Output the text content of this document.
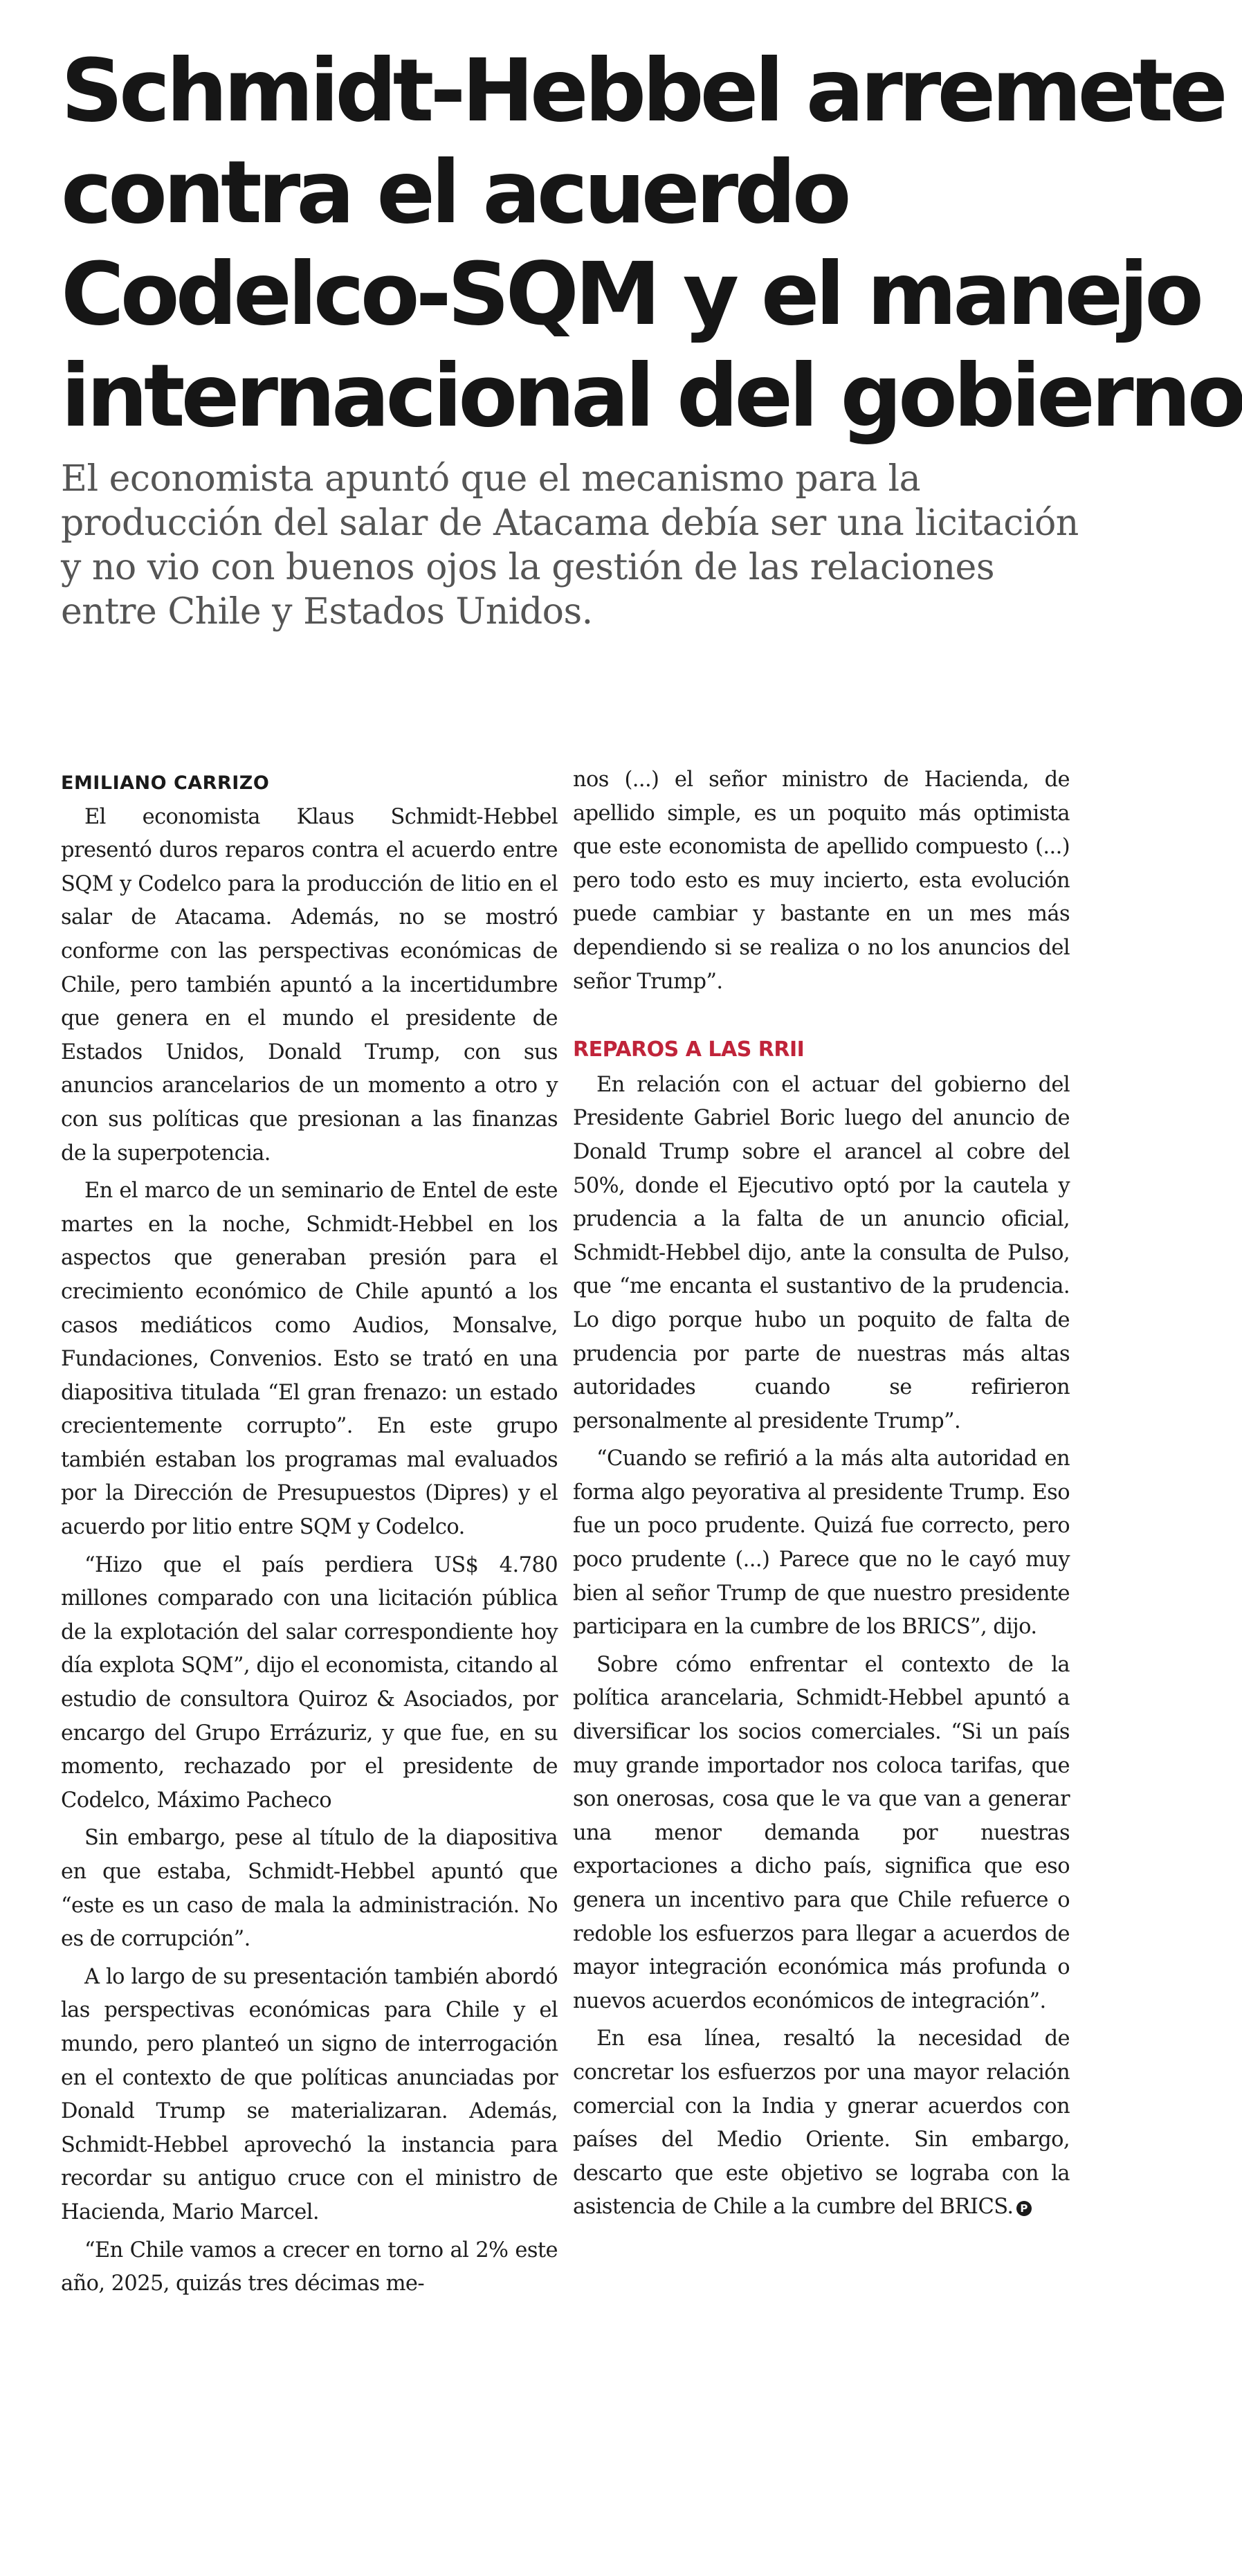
Schmidt-Hebbel arremete
contra el acuerdo
Codelco-SQM y el manejo
internacional del gobierno

El economista apuntó que el mecanismo para la
producción del salar de Atacama debía ser una licitación
y no vio con buenos ojos la gestión de las relaciones
entre Chile y Estados Unidos.

EMILIANO CARRIZO

El economista Klaus Schmidt-Hebbel presentó duros reparos contra el acuerdo entre SQM y Codelco para la producción de litio en el salar de Atacama. Además, no se mostró conforme con las perspectivas económicas de Chile, pero también apuntó a la incertidumbre que genera en el mundo el presidente de Estados Unidos, Donald Trump, con sus anuncios arancelarios de un momento a otro y con sus políticas que presionan a las finanzas de la superpotencia.

En el marco de un seminario de Entel de este martes en la noche, Schmidt-Hebbel en los aspectos que generaban presión para el crecimiento económico de Chile apuntó a los casos mediáticos como Audios, Monsalve, Fundaciones, Convenios. Esto se trató en una diapositiva titulada “El gran frenazo: un estado crecientemente corrupto”. En este grupo también estaban los programas mal evaluados por la Dirección de Presupuestos (Dipres) y el acuerdo por litio entre SQM y Codelco.

“Hizo que el país perdiera US$ 4.780 millones comparado con una licitación pública de la explotación del salar correspondiente hoy día explota SQM”, dijo el economista, citando al estudio de consultora Quiroz & Asociados, por encargo del Grupo Errázuriz, y que fue, en su momento, rechazado por el presidente de Codelco, Máximo Pacheco

Sin embargo, pese al título de la diapositiva en que estaba, Schmidt-Hebbel apuntó que “este es un caso de mala la administración. No es de corrupción”.

A lo largo de su presentación también abordó las perspectivas económicas para Chile y el mundo, pero planteó un signo de interrogación en el contexto de que políticas anunciadas por Donald Trump se materializaran. Además, Schmidt-Hebbel aprovechó la instancia para recordar su antiguo cruce con el ministro de Hacienda, Mario Marcel.

“En Chile vamos a crecer en torno al 2% este año, 2025, quizás tres décimas me-

nos (...) el señor ministro de Hacienda, de apellido simple, es un poquito más optimista que este economista de apellido compuesto (...) pero todo esto es muy incierto, esta evolución puede cambiar y bastante en un mes más dependiendo si se realiza o no los anuncios del señor Trump”.

REPAROS A LAS RRII

En relación con el actuar del gobierno del Presidente Gabriel Boric luego del anuncio de Donald Trump sobre el arancel al cobre del 50%, donde el Ejecutivo optó por la cautela y prudencia a la falta de un anuncio oficial, Schmidt-Hebbel dijo, ante la consulta de Pulso, que “me encanta el sustantivo de la prudencia. Lo digo porque hubo un poquito de falta de prudencia por parte de nuestras más altas autoridades cuando se refirieron personalmente al presidente Trump”.

“Cuando se refirió a la más alta autoridad en forma algo peyorativa al presidente Trump. Eso fue un poco prudente. Quizá fue correcto, pero poco prudente (...) Parece que no le cayó muy bien al señor Trump de que nuestro presidente participara en la cumbre de los BRICS”, dijo.

Sobre cómo enfrentar el contexto de la política arancelaria, Schmidt-Hebbel apuntó a diversificar los socios comerciales. “Si un país muy grande importador nos coloca tarifas, que son onerosas, cosa que le va que van a generar una menor demanda por nuestras exportaciones a dicho país, significa que eso genera un incentivo para que Chile refuerce o redoble los esfuerzos para llegar a acuerdos de mayor integración económica más profunda o nuevos acuerdos económicos de integración”.

En esa línea, resaltó la necesidad de concretar los esfuerzos por una mayor relación comercial con la India y gnerar acuerdos con países del Medio Oriente. Sin embargo, descarto que este objetivo se lograba con la asistencia de Chile a la cumbre del BRICS. P
